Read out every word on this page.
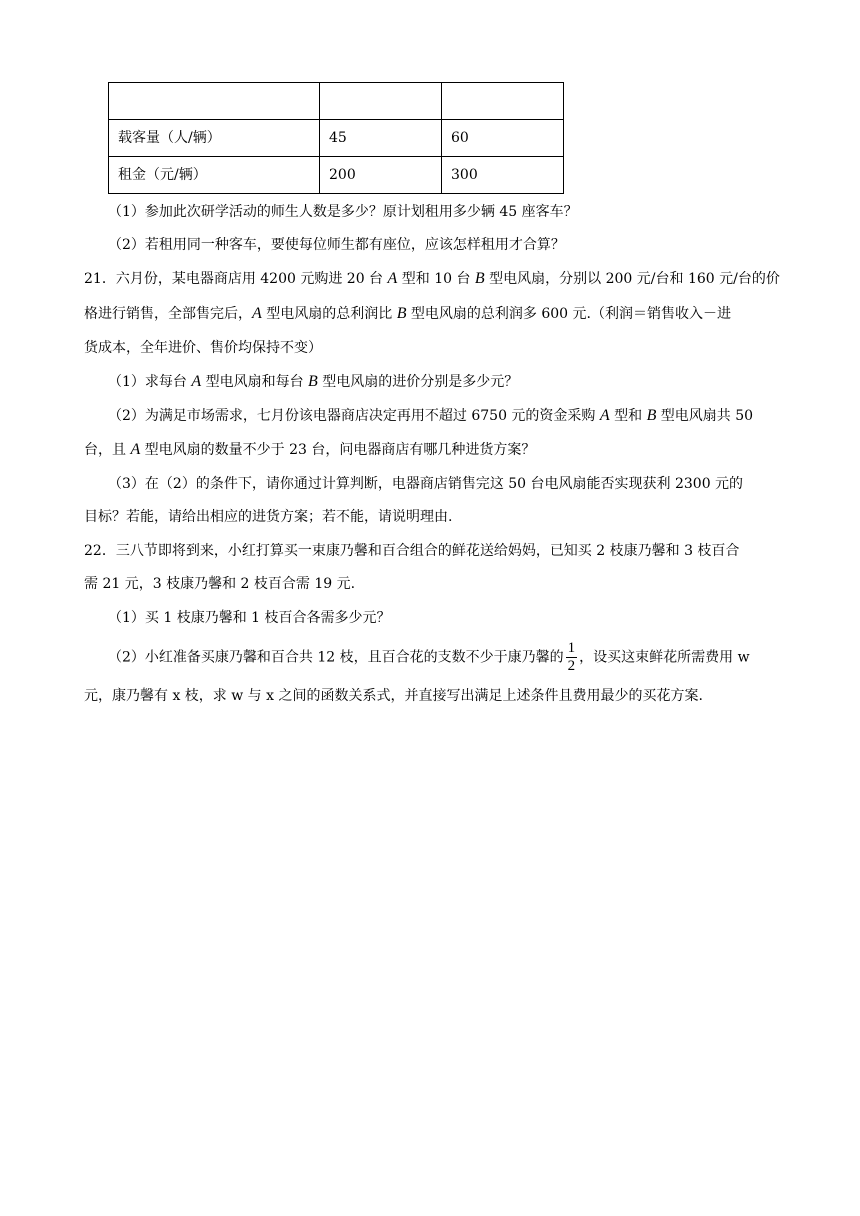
载客量（人/辆）	45	60
租金（元/辆）	200	300
（1）参加此次研学活动的师生人数是多少？原计划租用多少辆 45 座客车？
（2）若租用同一种客车，要使每位师生都有座位，应该怎样租用才合算？
21．六月份，某电器商店用 4200 元购进 20 台 A 型和 10 台 B 型电风扇，分别以 200 元/台和 160 元/台的价
格进行销售，全部售完后，A 型电风扇的总利润比 B 型电风扇的总利润多 600 元.（利润＝销售收入－进
货成本，全年进价、售价均保持不变）
（1）求每台 A 型电风扇和每台 B 型电风扇的进价分别是多少元？
（2）为满足市场需求，七月份该电器商店决定再用不超过 6750 元的资金采购 A 型和 B 型电风扇共 50
台，且 A 型电风扇的数量不少于 23 台，问电器商店有哪几种进货方案？
（3）在（2）的条件下，请你通过计算判断，电器商店销售完这 50 台电风扇能否实现获利 2300 元的
目标？若能，请给出相应的进货方案；若不能，请说明理由.
22．三八节即将到来，小红打算买一束康乃馨和百合组合的鲜花送给妈妈，已知买 2 枝康乃馨和 3 枝百合
需 21 元，3 枝康乃馨和 2 枝百合需 19 元.
（1）买 1 枝康乃馨和 1 枝百合各需多少元？
（2）小红准备买康乃馨和百合共 12 枝，且百合花的支数不少于康乃馨的 $\frac{1}{2}$ ，设买这束鲜花所需费用 w
元，康乃馨有 x 枝，求 w 与 x 之间的函数关系式，并直接写出满足上述条件且费用最少的买花方案.
